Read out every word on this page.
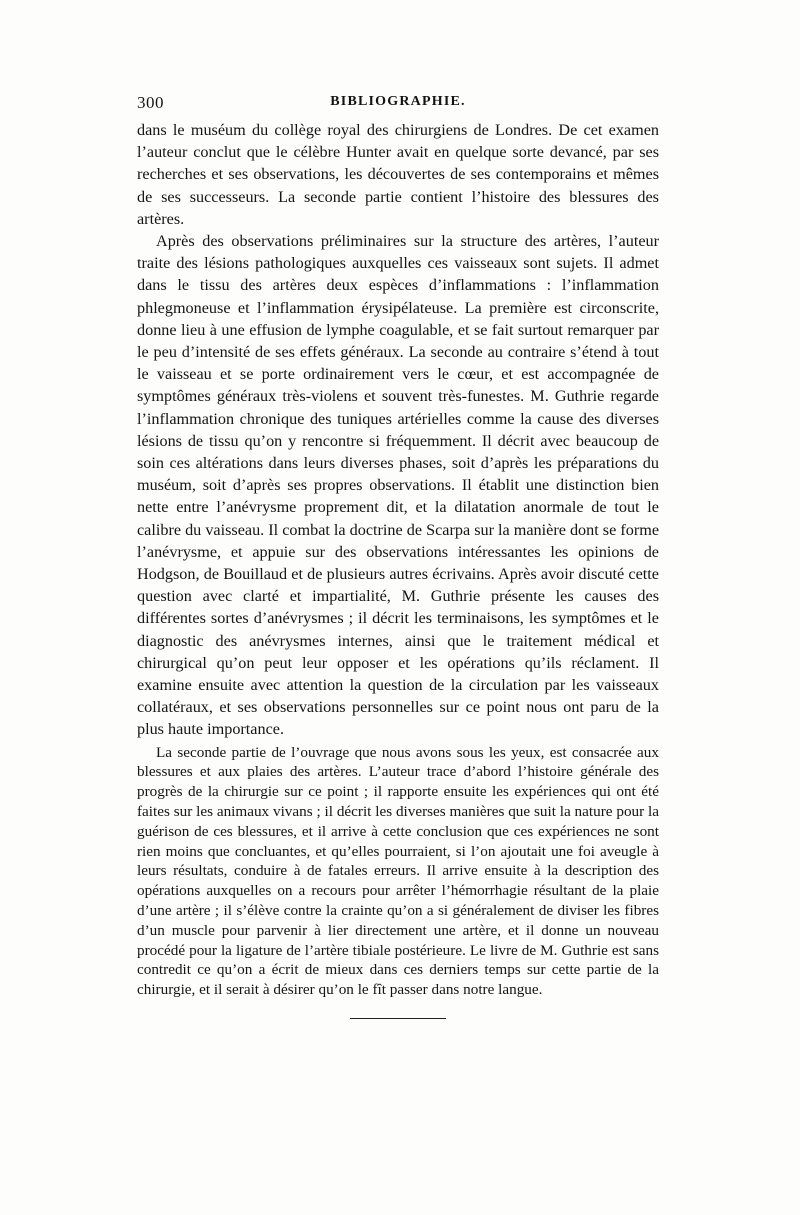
300	BIBLIOGRAPHIE.

dans le muséum du collège royal des chirurgiens de Londres. De cet examen l’auteur conclut que le célèbre Hunter avait en quelque sorte devancé, par ses recherches et ses observations, les découvertes de ses contemporains et mêmes de ses successeurs. La seconde partie contient l’histoire des blessures des artères.

Après des observations préliminaires sur la structure des artères, l’auteur traite des lésions pathologiques auxquelles ces vaisseaux sont sujets. Il admet dans le tissu des artères deux espèces d’inflammations : l’inflammation phlegmoneuse et l’inflammation érysipélateuse. La première est circonscrite, donne lieu à une effusion de lymphe coagulable, et se fait surtout remarquer par le peu d’intensité de ses effets généraux. La seconde au contraire s’étend à tout le vaisseau et se porte ordinairement vers le cœur, et est accompagnée de symptômes généraux très-violens et souvent très-funestes. M. Guthrie regarde l’inflammation chronique des tuniques artérielles comme la cause des diverses lésions de tissu qu’on y rencontre si fréquemment. Il décrit avec beaucoup de soin ces altérations dans leurs diverses phases, soit d’après les préparations du muséum, soit d’après ses propres observations. Il établit une distinction bien nette entre l’anévrysme proprement dit, et la dilatation anormale de tout le calibre du vaisseau. Il combat la doctrine de Scarpa sur la manière dont se forme l’anévrysme, et appuie sur des observations intéressantes les opinions de Hodgson, de Bouillaud et de plusieurs autres écrivains. Après avoir discuté cette question avec clarté et impartialité, M. Guthrie présente les causes des différentes sortes d’anévrysmes ; il décrit les terminaisons, les symptômes et le diagnostic des anévrysmes internes, ainsi que le traitement médical et chirurgical qu’on peut leur opposer et les opérations qu’ils réclament. Il examine ensuite avec attention la question de la circulation par les vaisseaux collatéraux, et ses observations personnelles sur ce point nous ont paru de la plus haute importance.

La seconde partie de l’ouvrage que nous avons sous les yeux, est consacrée aux blessures et aux plaies des artères. L’auteur trace d’abord l’histoire générale des progrès de la chirurgie sur ce point ; il rapporte ensuite les expériences qui ont été faites sur les animaux vivans ; il décrit les diverses manières que suit la nature pour la guérison de ces blessures, et il arrive à cette conclusion que ces expériences ne sont rien moins que concluantes, et qu’elles pourraient, si l’on ajoutait une foi aveugle à leurs résultats, conduire à de fatales erreurs. Il arrive ensuite à la description des opérations auxquelles on a recours pour arrêter l’hémorrhagie résultant de la plaie d’une artère ; il s’élève contre la crainte qu’on a si généralement de diviser les fibres d’un muscle pour parvenir à lier directement une artère, et il donne un nouveau procédé pour la ligature de l’artère tibiale postérieure. Le livre de M. Guthrie est sans contredit ce qu’on a écrit de mieux dans ces derniers temps sur cette partie de la chirurgie, et il serait à désirer qu’on le fît passer dans notre langue.
